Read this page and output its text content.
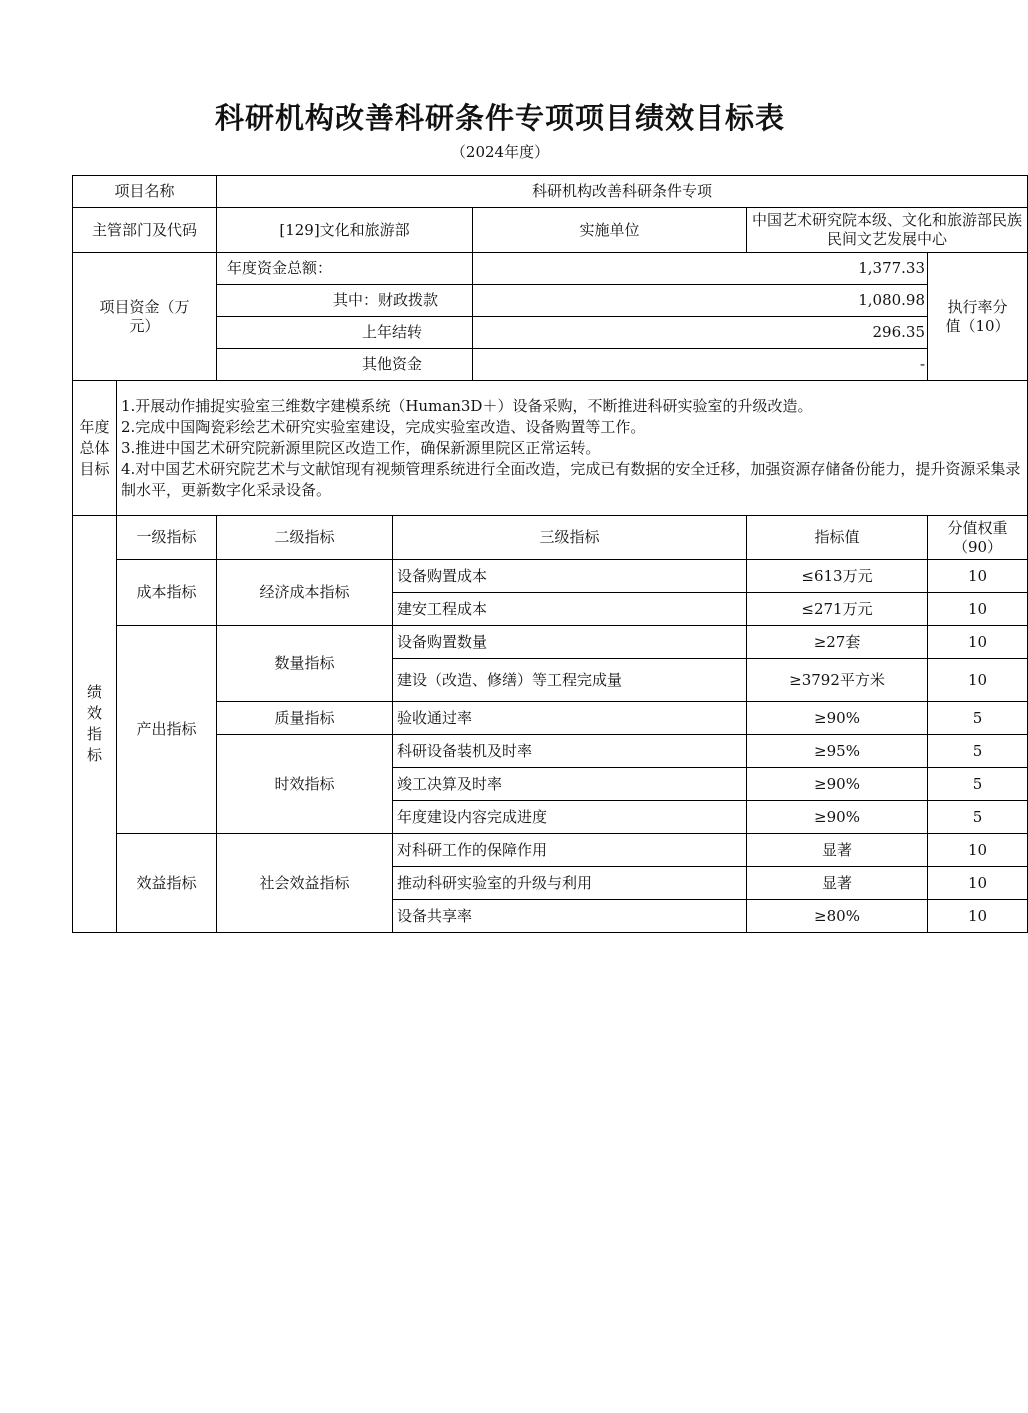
科研机构改善科研条件专项项目绩效目标表
（2024年度）
项目名称		科研机构改善科研条件专项				
主管部门及代码		[129]文化和旅游部		实施单位	中国艺术研究院本级、文化和旅游部民族民间文艺发展中心	
项目资金（万元）		年度资金总额：		1,377.33		执行率分值（10）
		其中：财政拨款		1,080.98		
		上年结转		296.35		
		其他资金		-		
年度总体目标	1.开展动作捕捉实验室三维数字建模系统（Human3D＋）设备采购，不断推进科研实验室的升级改造。
2.完成中国陶瓷彩绘艺术研究实验室建设，完成实验室改造、设备购置等工作。
3.推进中国艺术研究院新源里院区改造工作，确保新源里院区正常运转。
4.对中国艺术研究院艺术与文献馆现有视频管理系统进行全面改造，完成已有数据的安全迁移，加强资源存储备份能力，提升资源采集录制水平，更新数字化采录设备。					

绩效指标	一级指标	二级指标	三级指标		指标值	分值权重（90）
	成本指标	经济成本指标	设备购置成本		≤613万元	10
			建安工程成本		≤271万元	10
	产出指标	数量指标	设备购置数量		≥27套	10
			建设（改造、修缮）等工程完成量		≥3792平方米	10
		质量指标	验收通过率		≥90%	5
		时效指标	科研设备装机及时率		≥95%	5
			竣工决算及时率		≥90%	5
			年度建设内容完成进度		≥90%	5
	效益指标	社会效益指标	对科研工作的保障作用		显著	10
			推动科研实验室的升级与利用		显著	10
			设备共享率		≥80%	10
